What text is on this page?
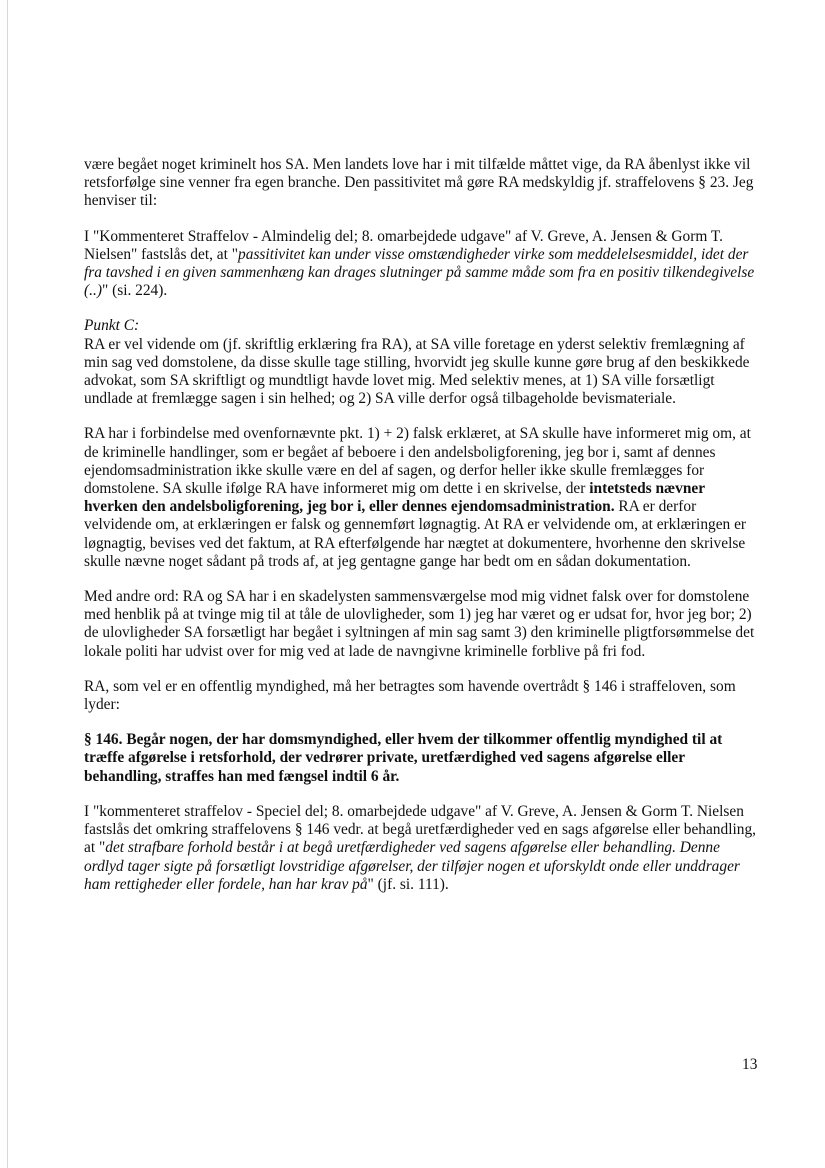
være begået noget kriminelt hos SA. Men landets love har i mit tilfælde måttet vige, da RA åbenlyst ikke vil retsforfølge sine venner fra egen branche. Den passitivitet må gøre RA medskyldig jf. straffelovens § 23. Jeg henviser til:

I "Kommenteret Straffelov - Almindelig del; 8. omarbejdede udgave" af V. Greve, A. Jensen & Gorm T. Nielsen" fastslås det, at "passitivitet kan under visse omstændigheder virke som meddelelsesmiddel, idet der fra tavshed i en given sammenhæng kan drages slutninger på samme måde som fra en positiv tilkendegivelse (..)" (si. 224).

Punkt C:
RA er vel vidende om (jf. skriftlig erklæring fra RA), at SA ville foretage en yderst selektiv fremlægning af min sag ved domstolene, da disse skulle tage stilling, hvorvidt jeg skulle kunne gøre brug af den beskikkede advokat, som SA skriftligt og mundtligt havde lovet mig. Med selektiv menes, at 1) SA ville forsætligt undlade at fremlægge sagen i sin helhed; og 2) SA ville derfor også tilbageholde bevismateriale.

RA har i forbindelse med ovenfornævnte pkt. 1) + 2) falsk erklæret, at SA skulle have informeret mig om, at de kriminelle handlinger, som er begået af beboere i den andelsboligforening, jeg bor i, samt af dennes ejendomsadministration ikke skulle være en del af sagen, og derfor heller ikke skulle fremlægges for domstolene. SA skulle ifølge RA have informeret mig om dette i en skrivelse, der intetsteds nævner hverken den andelsboligforening, jeg bor i, eller dennes ejendomsadministration. RA er derfor velvidende om, at erklæringen er falsk og gennemført løgnagtig. At RA er velvidende om, at erklæringen er løgnagtig, bevises ved det faktum, at RA efterfølgende har nægtet at dokumentere, hvorhenne den skrivelse skulle nævne noget sådant på trods af, at jeg gentagne gange har bedt om en sådan dokumentation.

Med andre ord: RA og SA har i en skadelysten sammensværgelse mod mig vidnet falsk over for domstolene med henblik på at tvinge mig til at tåle de ulovligheder, som 1) jeg har været og er udsat for, hvor jeg bor; 2) de ulovligheder SA forsætligt har begået i syltningen af min sag samt 3) den kriminelle pligtforsømmelse det lokale politi har udvist over for mig ved at lade de navngivne kriminelle forblive på fri fod.

RA, som vel er en offentlig myndighed, må her betragtes som havende overtrådt § 146 i straffeloven, som lyder:

§ 146. Begår nogen, der har domsmyndighed, eller hvem der tilkommer offentlig myndighed til at træffe afgørelse i retsforhold, der vedrører private, uretfærdighed ved sagens afgørelse eller behandling, straffes han med fængsel indtil 6 år.

I "kommenteret straffelov - Speciel del; 8. omarbejdede udgave" af V. Greve, A. Jensen & Gorm T. Nielsen fastslås det omkring straffelovens § 146 vedr. at begå uretfærdigheder ved en sags afgørelse eller behandling, at "det strafbare forhold består i at begå uretfærdigheder ved sagens afgørelse eller behandling. Denne ordlyd tager sigte på forsætligt lovstridige afgørelser, der tilføjer nogen et uforskyldt onde eller unddrager ham rettigheder eller fordele, han har krav på" (jf. si. 111).

13
